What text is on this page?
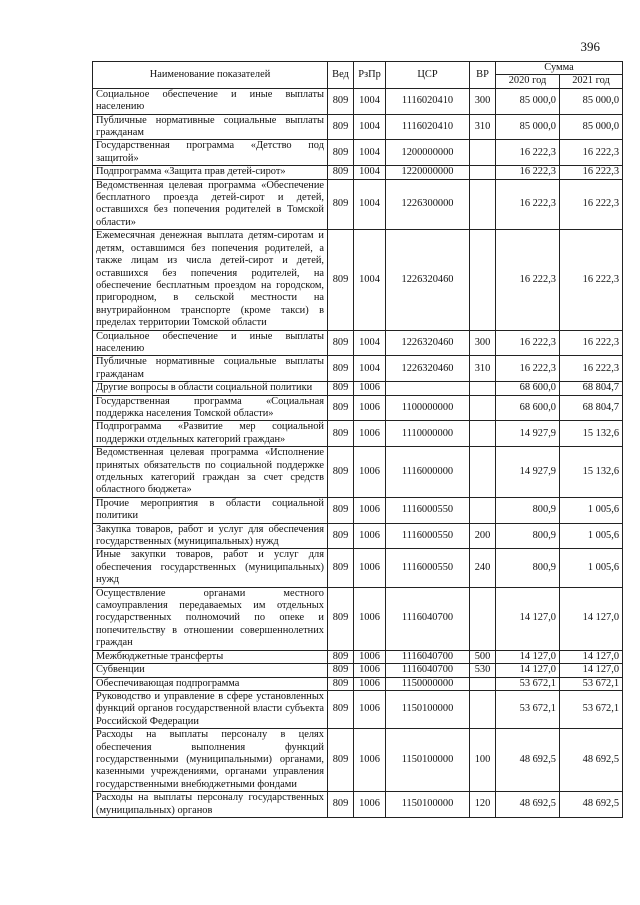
396
Наименование показателей	Вед	РзПр	ЦСР	ВР	Сумма	
					2020 год	2021 год
Социальное обеспечение и иные выплаты населению	809	1004	1116020410	300	85 000,0	85 000,0
Публичные нормативные социальные выплаты гражданам	809	1004	1116020410	310	85 000,0	85 000,0
Государственная программа «Детство под защитой»	809	1004	1200000000		16 222,3	16 222,3
Подпрограмма «Защита прав детей-сирот»	809	1004	1220000000		16 222,3	16 222,3
Ведомственная целевая программа «Обеспечение бесплатного проезда детей-сирот и детей, оставшихся без попечения родителей в Томской области»	809	1004	1226300000		16 222,3	16 222,3
Ежемесячная денежная выплата детям-сиротам и детям, оставшимся без попечения родителей, а также лицам из числа детей-сирот и детей, оставшихся без попечения родителей, на обеспечение бесплатным проездом на городском, пригородном, в сельской местности на внутрирайонном транспорте (кроме такси) в пределах территории Томской области	809	1004	1226320460		16 222,3	16 222,3
Социальное обеспечение и иные выплаты населению	809	1004	1226320460	300	16 222,3	16 222,3
Публичные нормативные социальные выплаты гражданам	809	1004	1226320460	310	16 222,3	16 222,3
Другие вопросы в области социальной политики	809	1006			68 600,0	68 804,7
Государственная программа «Социальная поддержка населения Томской области»	809	1006	1100000000		68 600,0	68 804,7
Подпрограмма «Развитие мер социальной поддержки отдельных категорий граждан»	809	1006	1110000000		14 927,9	15 132,6
Ведомственная целевая программа «Исполнение принятых обязательств по социальной поддержке отдельных категорий граждан за счет средств областного бюджета»	809	1006	1116000000		14 927,9	15 132,6
Прочие мероприятия в области социальной политики	809	1006	1116000550		800,9	1 005,6
Закупка товаров, работ и услуг для обеспечения государственных (муниципальных) нужд	809	1006	1116000550	200	800,9	1 005,6
Иные закупки товаров, работ и услуг для обеспечения государственных (муниципальных) нужд	809	1006	1116000550	240	800,9	1 005,6
Осуществление органами местного самоуправления передаваемых им отдельных государственных полномочий по опеке и попечительству в отношении совершеннолетних граждан	809	1006	1116040700		14 127,0	14 127,0
Межбюджетные трансферты	809	1006	1116040700	500	14 127,0	14 127,0
Субвенции	809	1006	1116040700	530	14 127,0	14 127,0
Обеспечивающая подпрограмма	809	1006	1150000000		53 672,1	53 672,1
Руководство и управление в сфере установленных функций органов государственной власти субъекта Российской Федерации	809	1006	1150100000		53 672,1	53 672,1
Расходы на выплаты персоналу в целях обеспечения выполнения функций государственными (муниципальными) органами, казенными учреждениями, органами управления государственными внебюджетными фондами	809	1006	1150100000	100	48 692,5	48 692,5
Расходы на выплаты персоналу государственных (муниципальных) органов	809	1006	1150100000	120	48 692,5	48 692,5
